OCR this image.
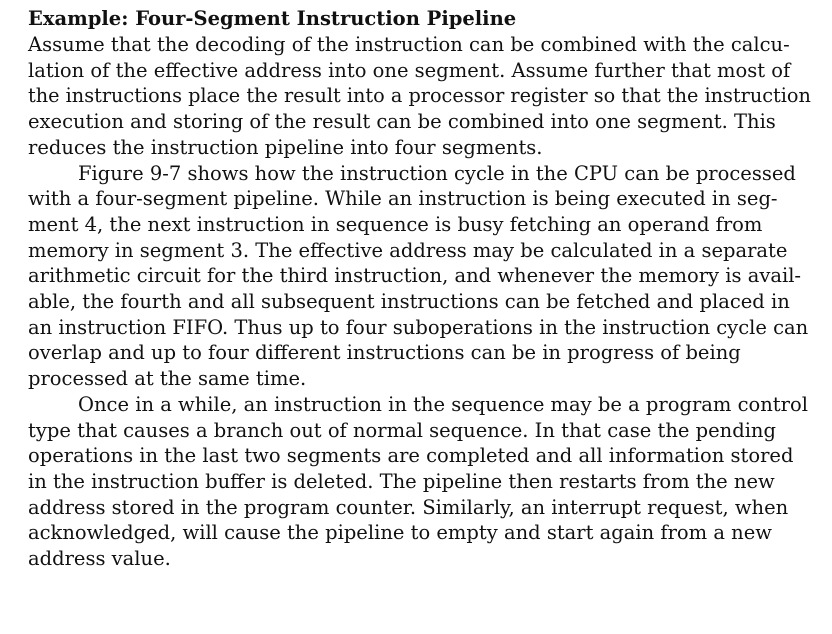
Example: Four-Segment Instruction Pipeline
Assume that the decoding of the instruction can be combined with the calcu-
lation of the effective address into one segment. Assume further that most of
the instructions place the result into a processor register so that the instruction
execution and storing of the result can be combined into one segment. This
reduces the instruction pipeline into four segments.
Figure 9-7 shows how the instruction cycle in the CPU can be processed
with a four-segment pipeline. While an instruction is being executed in seg-
ment 4, the next instruction in sequence is busy fetching an operand from
memory in segment 3. The effective address may be calculated in a separate
arithmetic circuit for the third instruction, and whenever the memory is avail-
able, the fourth and all subsequent instructions can be fetched and placed in
an instruction FIFO. Thus up to four suboperations in the instruction cycle can
overlap and up to four different instructions can be in progress of being
processed at the same time.
Once in a while, an instruction in the sequence may be a program control
type that causes a branch out of normal sequence. In that case the pending
operations in the last two segments are completed and all information stored
in the instruction buffer is deleted. The pipeline then restarts from the new
address stored in the program counter. Similarly, an interrupt request, when
acknowledged, will cause the pipeline to empty and start again from a new
address value.
